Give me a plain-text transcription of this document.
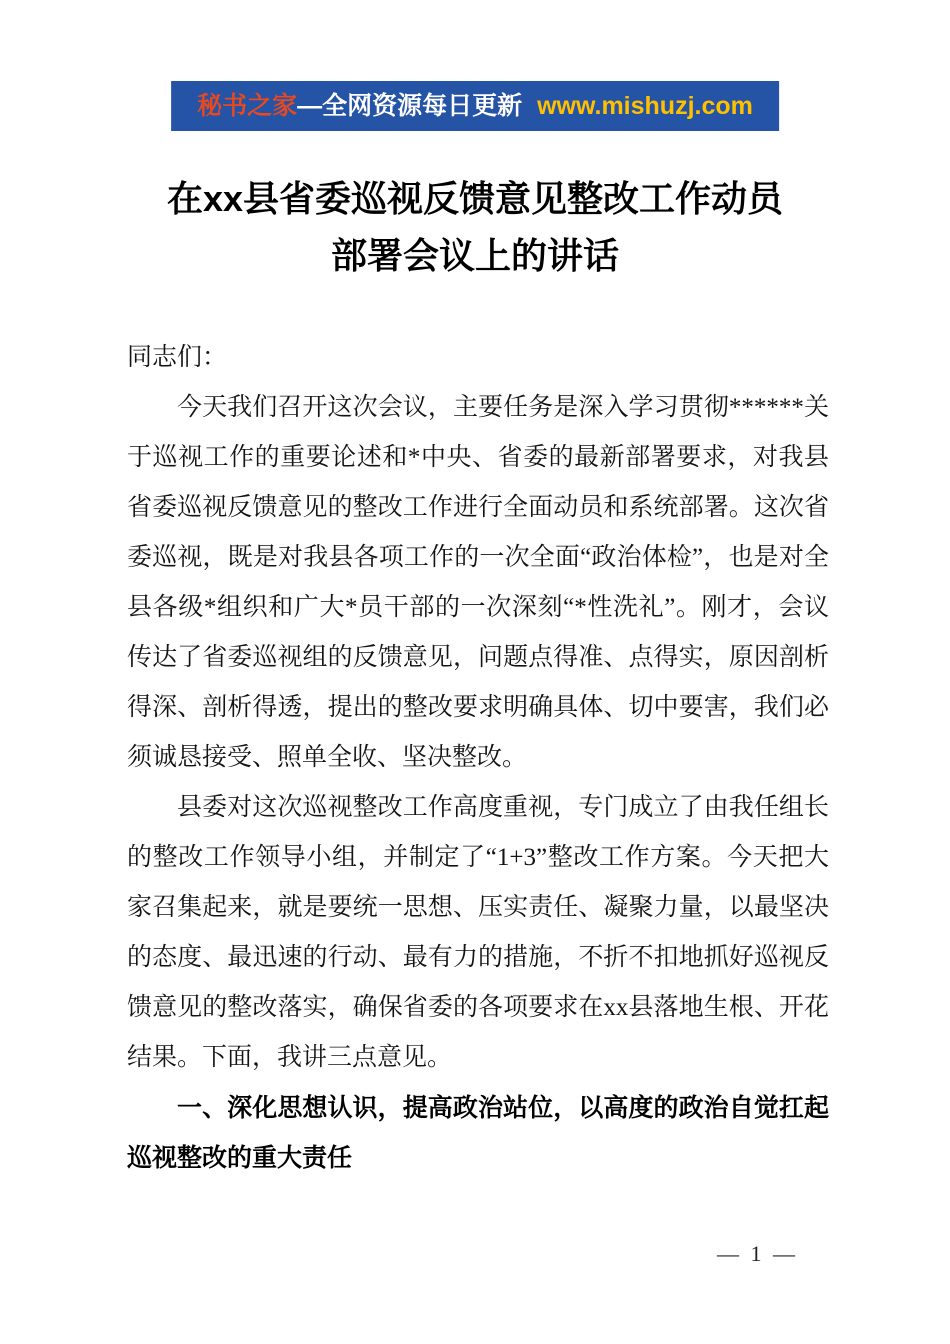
秘书之家—全网资源每日更新 www.mishuzj.com
在xx县省委巡视反馈意见整改工作动员
部署会议上的讲话

同志们：

今天我们召开这次会议，主要任务是深入学习贯彻******关于巡视工作的重要论述和*中央、省委的最新部署要求，对我县省委巡视反馈意见的整改工作进行全面动员和系统部署。这次省委巡视，既是对我县各项工作的一次全面“政治体检”，也是对全县各级*组织和广大*员干部的一次深刻“*性洗礼”。刚才，会议传达了省委巡视组的反馈意见，问题点得准、点得实，原因剖析得深、剖析得透，提出的整改要求明确具体、切中要害，我们必须诚恳接受、照单全收、坚决整改。

县委对这次巡视整改工作高度重视，专门成立了由我任组长的整改工作领导小组，并制定了“1+3”整改工作方案。今天把大家召集起来，就是要统一思想、压实责任、凝聚力量，以最坚决的态度、最迅速的行动、最有力的措施，不折不扣地抓好巡视反馈意见的整改落实，确保省委的各项要求在xx县落地生根、开花结果。下面，我讲三点意见。

一、深化思想认识，提高政治站位，以高度的政治自觉扛起巡视整改的重大责任

— 1 —
